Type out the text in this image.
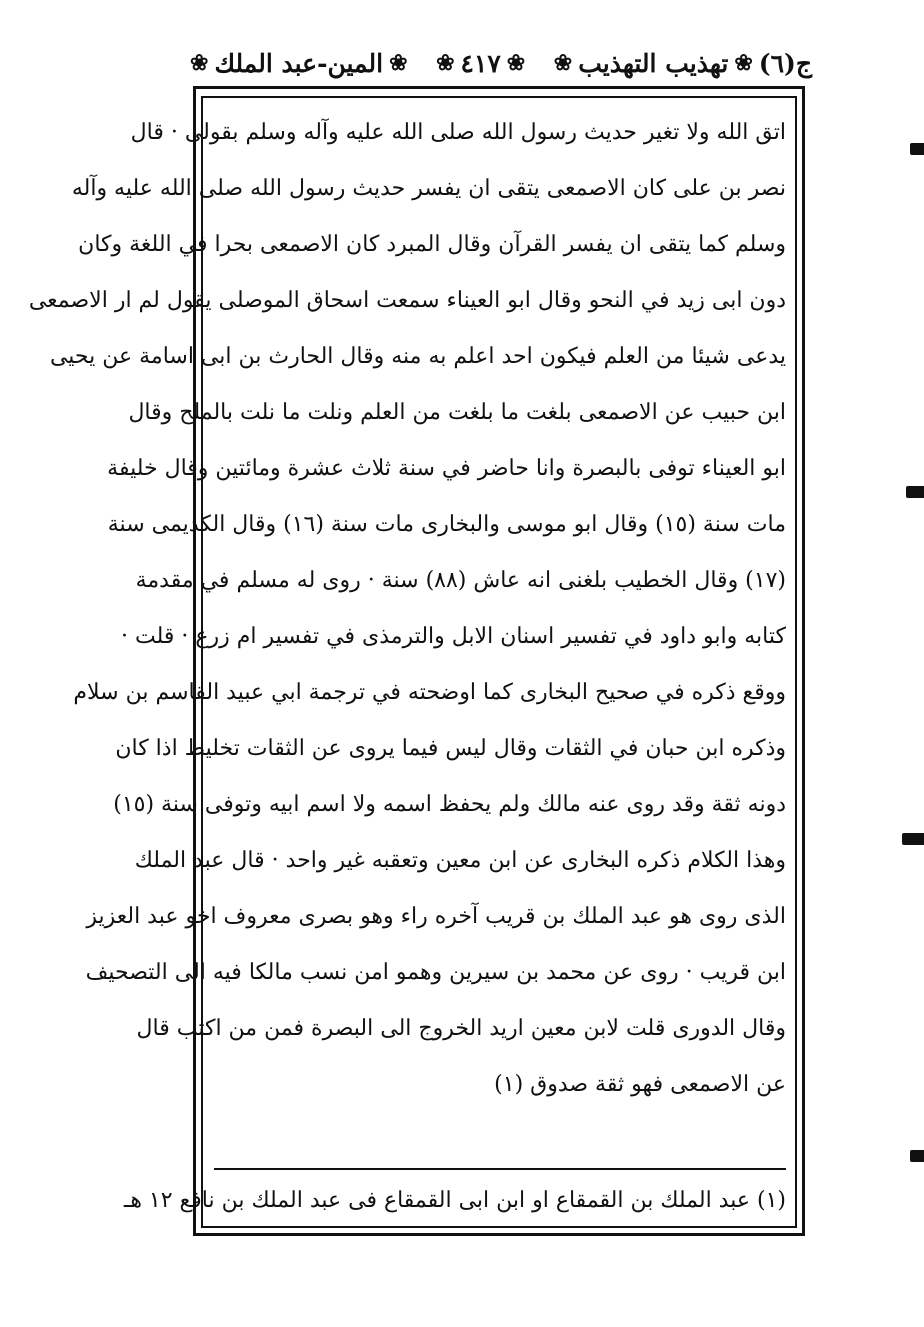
ج(٦)
❀
تهذيب التهذيب
❀
❀
٤١٧
❀
❀
المين-عبد الملك
❀
اتق الله ولا تغير حديث رسول الله صلى الله عليه وآله وسلم بقولى · قال
نصر بن على كان الاصمعى يتقى ان يفسر حديث رسول الله صلى الله عليه وآله
وسلم كما يتقى ان يفسر القرآن وقال المبرد كان الاصمعى بحرا في اللغة وكان
دون ابى زيد في النحو وقال ابو العيناء سمعت اسحاق الموصلى يقول لم ار الاصمعى
يدعى شيئا من العلم فيكون احد اعلم به منه وقال الحارث بن ابى اسامة عن يحيى
ابن حبيب عن الاصمعى بلغت ما بلغت من العلم ونلت ما نلت بالملح وقال
ابو العيناء توفى بالبصرة وانا حاضر في سنة ثلاث عشرة ومائتين وقال خليفة
مات سنة (١٥) وقال ابو موسى والبخارى مات سنة (١٦) وقال الكديمى سنة
(١٧) وقال الخطيب بلغنى انه عاش (٨٨) سنة · روى له مسلم في مقدمة
كتابه وابو داود في تفسير اسنان الابل والترمذى في تفسير ام زرع · قلت ·
ووقع ذكره في صحيح البخارى كما اوضحته في ترجمة ابي عبيد القاسم بن سلام
وذكره ابن حبان في الثقات وقال ليس فيما يروى عن الثقات تخليط اذا كان
دونه ثقة وقد روى عنه مالك ولم يحفظ اسمه ولا اسم ابيه وتوفى سنة (١٥)
وهذا الكلام ذكره البخارى عن ابن معين وتعقبه غير واحد · قال عبد الملك
الذى روى هو عبد الملك بن قريب آخره راء وهو بصرى معروف اخو عبد العزيز
ابن قريب · روى عن محمد بن سيرين وهمو امن نسب مالكا فيه الى التصحيف
وقال الدورى قلت لابن معين اريد الخروج الى البصرة فمن من اكتب قال
عن الاصمعى فهو ثقة صدوق (١)
(١) عبد الملك بن القمقاع او ابن ابى القمقاع فى عبد الملك بن نافع ١٢ هـ
